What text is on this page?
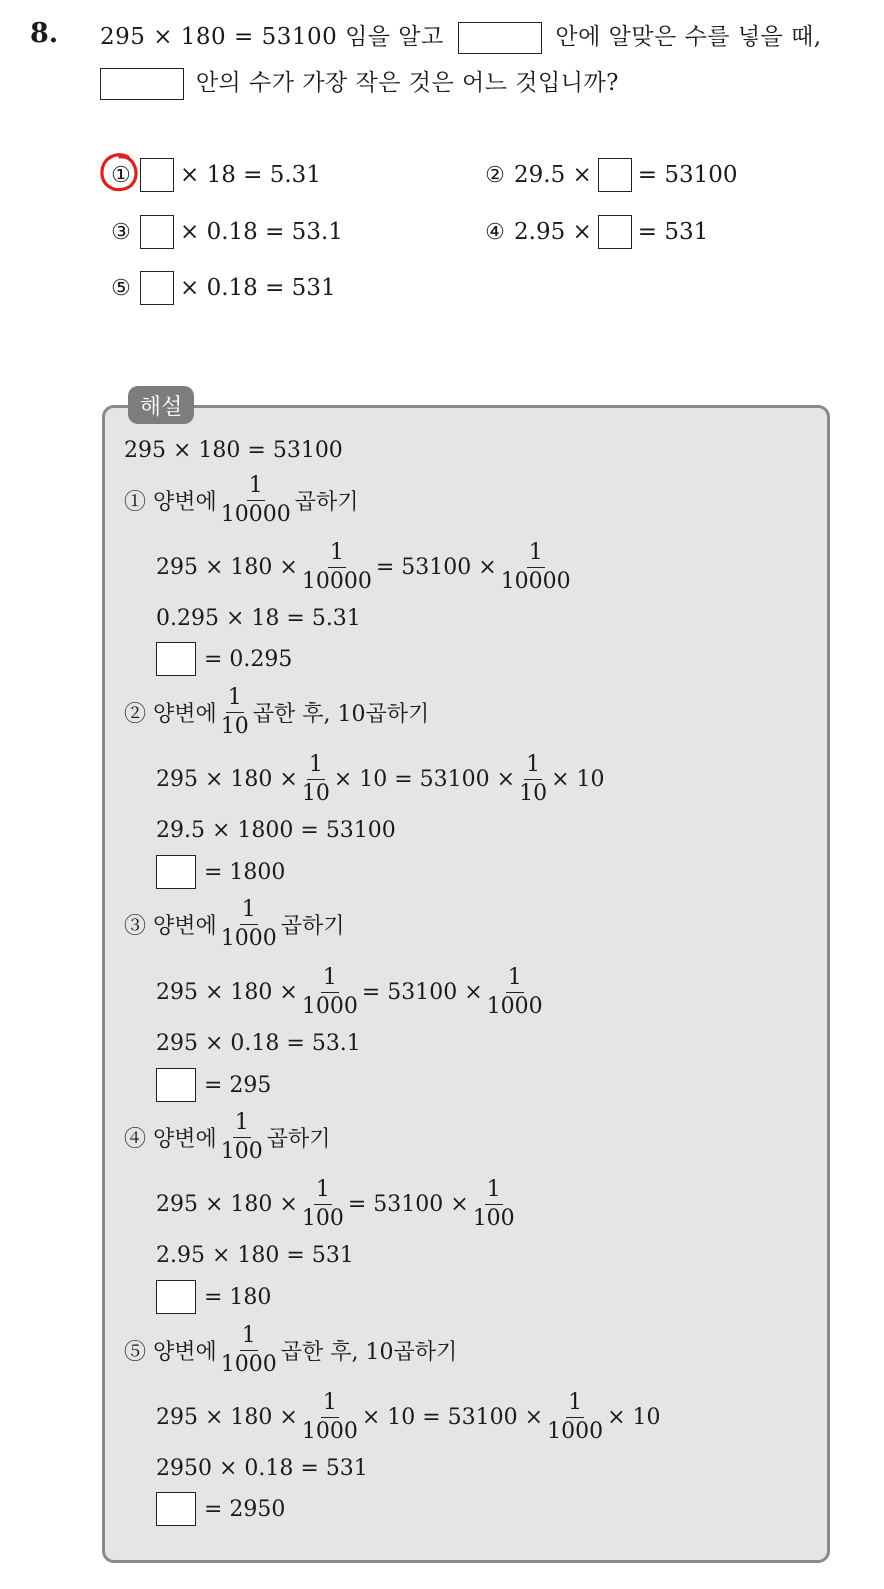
8. 295 × 180 = 53100 임을 알고	안에 알맞은 수를 넣을 때,
안의 수가 가장 작은 것은 어느 것입니까?
① × 18 = 5.31	② 29.5 × = 53100
③ × 0.18 = 53.1	④ 2.95 × = 531
⑤ × 0.18 = 531
해설
295 × 180 = 53100
① 양변에 $\frac{1}{10000}$ 곱하기
$295 \times 180 \times \frac{1}{10000} = 53100 \times \frac{1}{10000}$
0.295 × 18 = 5.31
= 0.295
② 양변에 $\frac{1}{10}$ 곱한 후, 10곱하기
$295 \times 180 \times \frac{1}{10} \times 10 = 53100 \times \frac{1}{10} \times 10$
29.5 × 1800 = 53100
= 1800
③ 양변에 $\frac{1}{1000}$ 곱하기
$295 \times 180 \times \frac{1}{1000} = 53100 \times \frac{1}{1000}$
295 × 0.18 = 53.1
= 295
④ 양변에 $\frac{1}{100}$ 곱하기
$295 \times 180 \times \frac{1}{100} = 53100 \times \frac{1}{100}$
2.95 × 180 = 531
= 180
⑤ 양변에 $\frac{1}{1000}$ 곱한 후, 10곱하기
$295 \times 180 \times \frac{1}{1000} \times 10 = 53100 \times \frac{1}{1000} \times 10$
2950 × 0.18 = 531
= 2950
